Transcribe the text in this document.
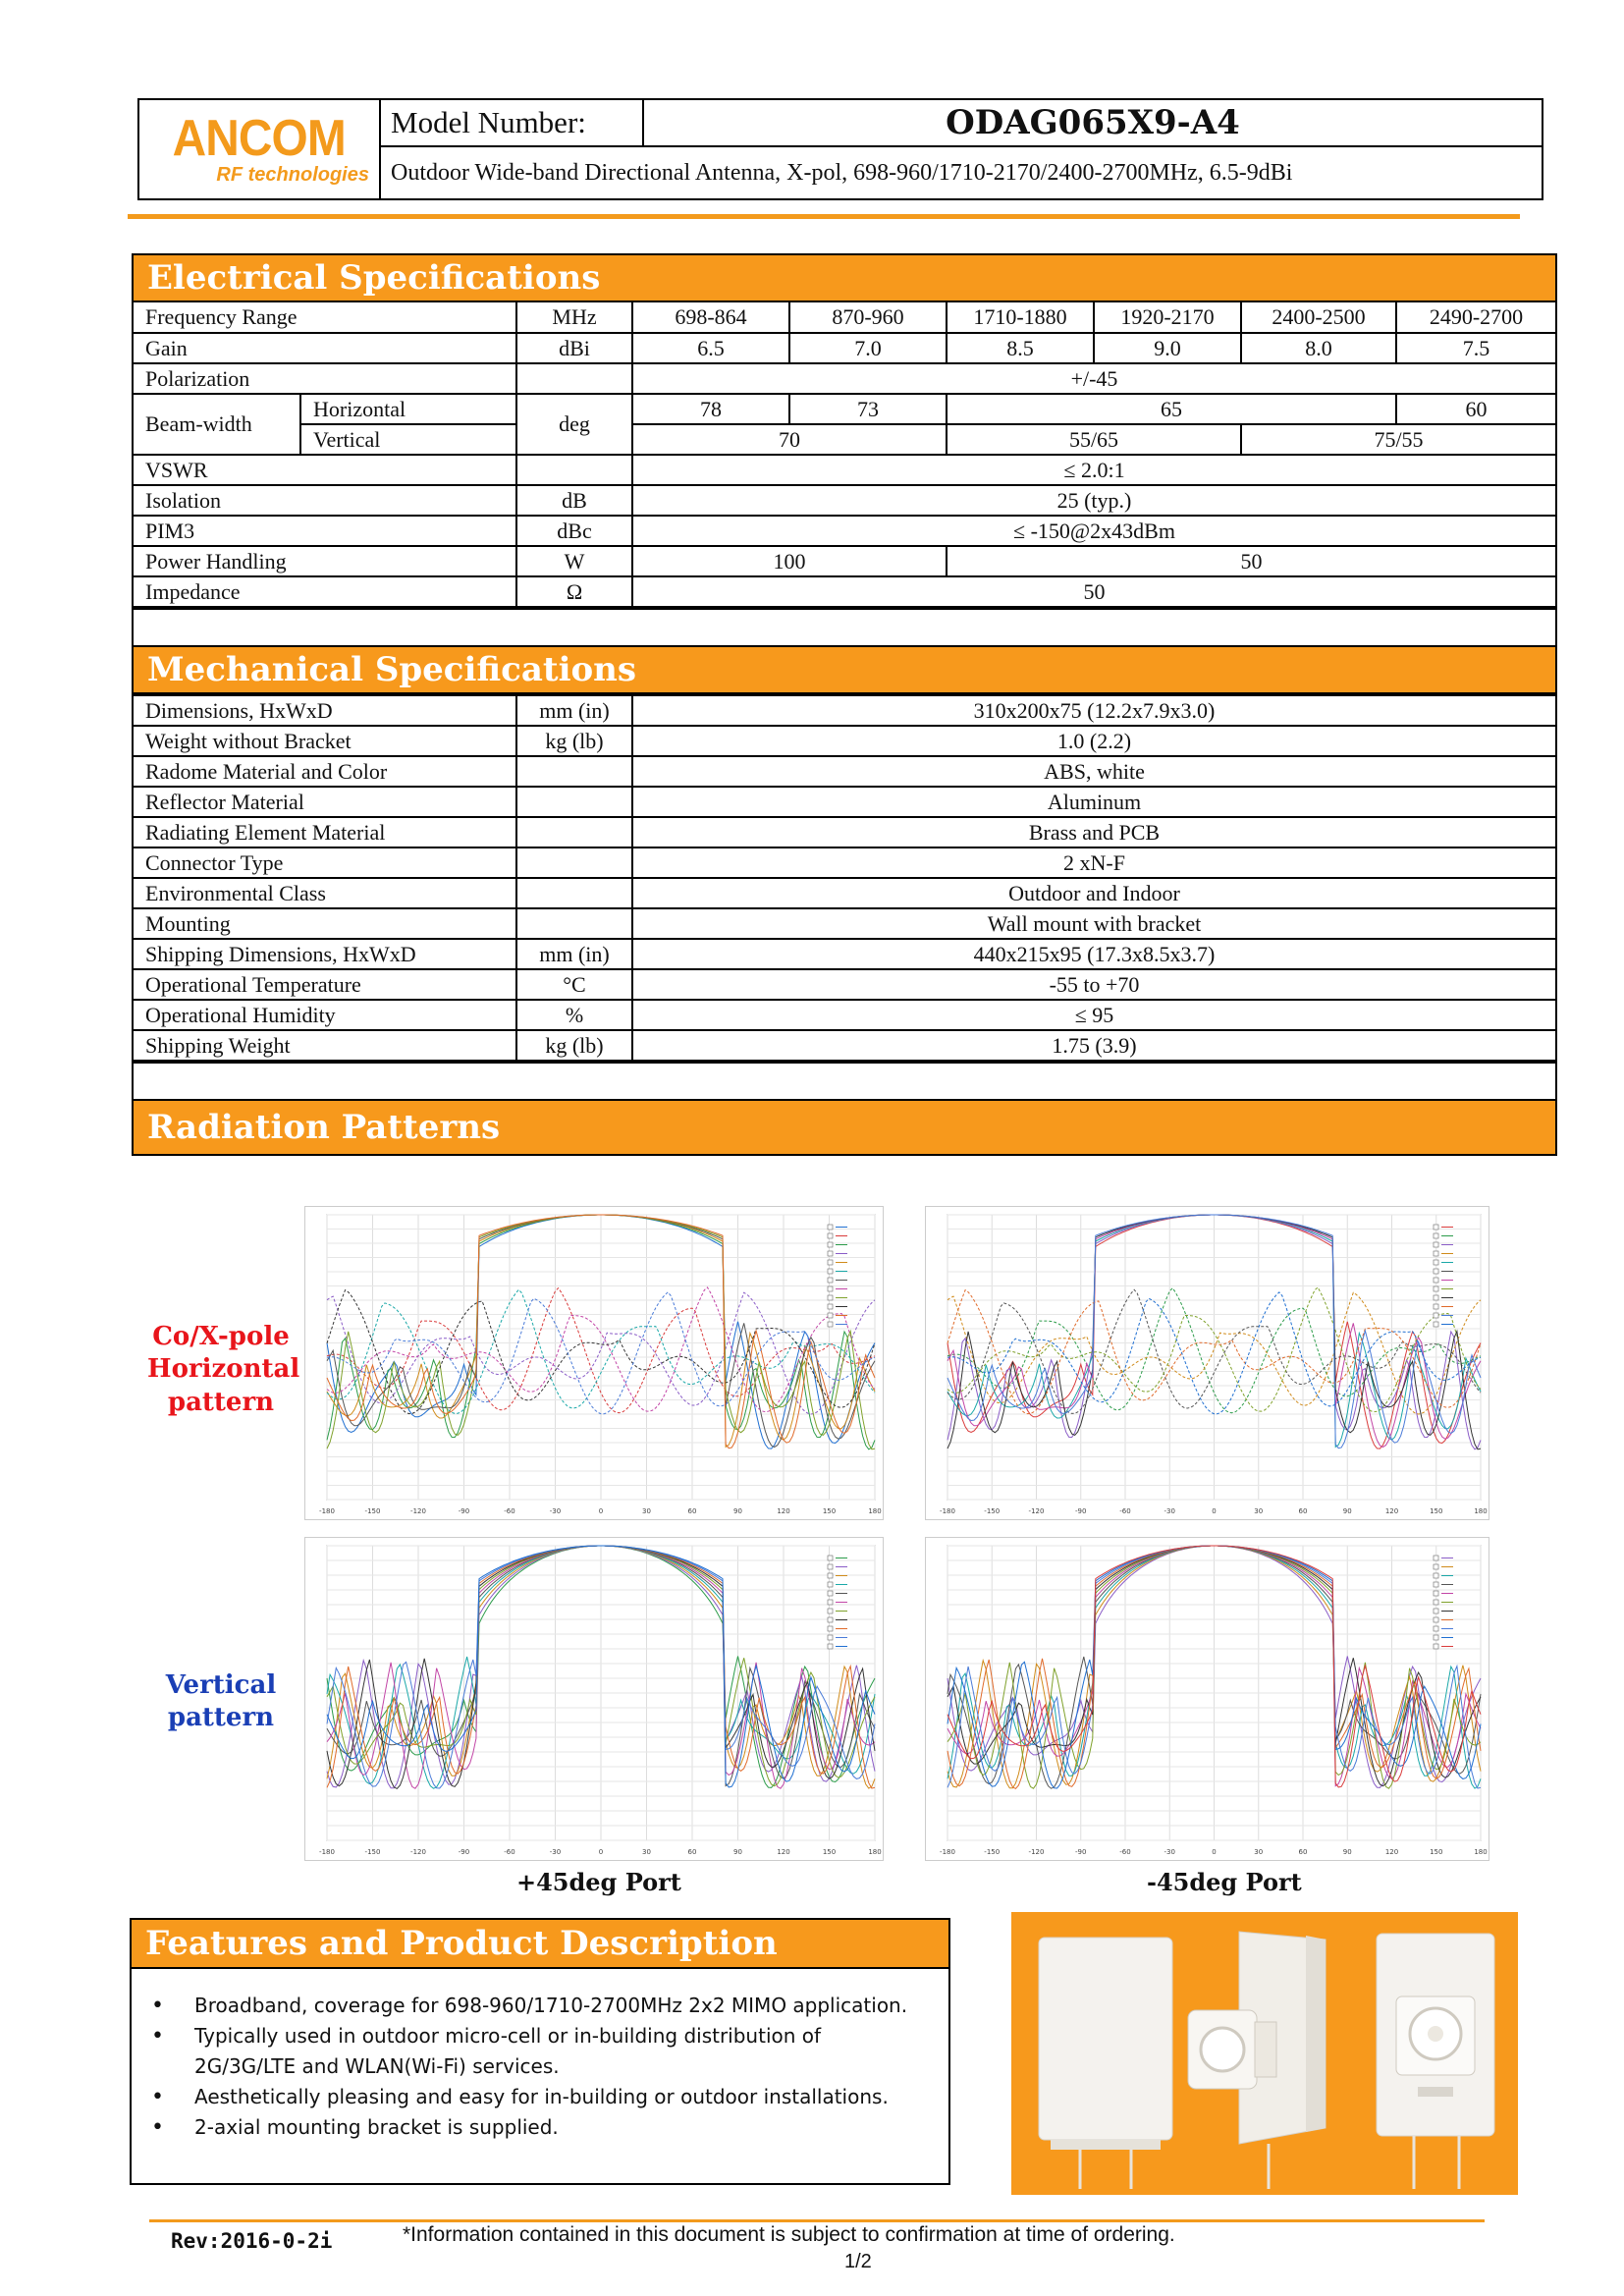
ANCOM
RF technologies
Model Number:	ODAG065X9-A4
Outdoor Wide-band Directional Antenna, X-pol, 698-960/1710-2170/2400-2700MHz, 6.5-9dBi
Electrical Specifications
Frequency Range		MHz	698-864	870-960	1710-1880	1920-2170	2400-2500	2490-2700
Gain		dBi	6.5	7.0	8.5	9.0	8.0	7.5
Polarization			+/-45					
Beam-width	Horizontal	deg	78	73	65			60
	Vertical		70		55/65		75/55	
VSWR			≤ 2.0:1					
Isolation		dB	25 (typ.)					
PIM3		dBc	≤ -150@2x43dBm					
Power Handling		W	100		50			
Impedance		Ω	50					
Mechanical Specifications
Dimensions, HxWxD	mm (in)	310x200x75 (12.2x7.9x3.0)
Weight without Bracket	kg (lb)	1.0 (2.2)
Radome Material and Color		ABS, white
Reflector Material		Aluminum
Radiating Element Material		Brass and PCB
Connector Type		2 xN-F
Environmental Class		Outdoor and Indoor
Mounting		Wall mount with bracket
Shipping Dimensions, HxWxD	mm (in)	440x215x95 (17.3x8.5x3.7)
Operational Temperature	°C	-55 to +70
Operational Humidity	%	≤ 95
Shipping Weight	kg (lb)	1.75 (3.9)
Radiation Patterns
Co/X-pole
Horizontal
pattern
Vertical
pattern
-180	-150	-120	-90	-60	-30	0	30	60	90	120	150	180	-180	-150	-120	-90	-60	-30	0	30	60	90	120	150	180
-180	-150	-120	-90	-60	-30	0	30	60	90	120	150	180	-180	-150	-120	-90	-60	-30	0	30	60	90	120	150	180
+45deg Port	-45deg Port
Features and Product Description
• Broadband, coverage for 698-960/1710-2700MHz 2x2 MIMO application.
• Typically used in outdoor micro-cell or in-building distribution of
2G/3G/LTE and WLAN(Wi-Fi) services.
• Aesthetically pleasing and easy for in-building or outdoor installations.
• 2-axial mounting bracket is supplied.
Rev:2016-0-2i	*Information contained in this document is subject to confirmation at time of ordering.
1/2
